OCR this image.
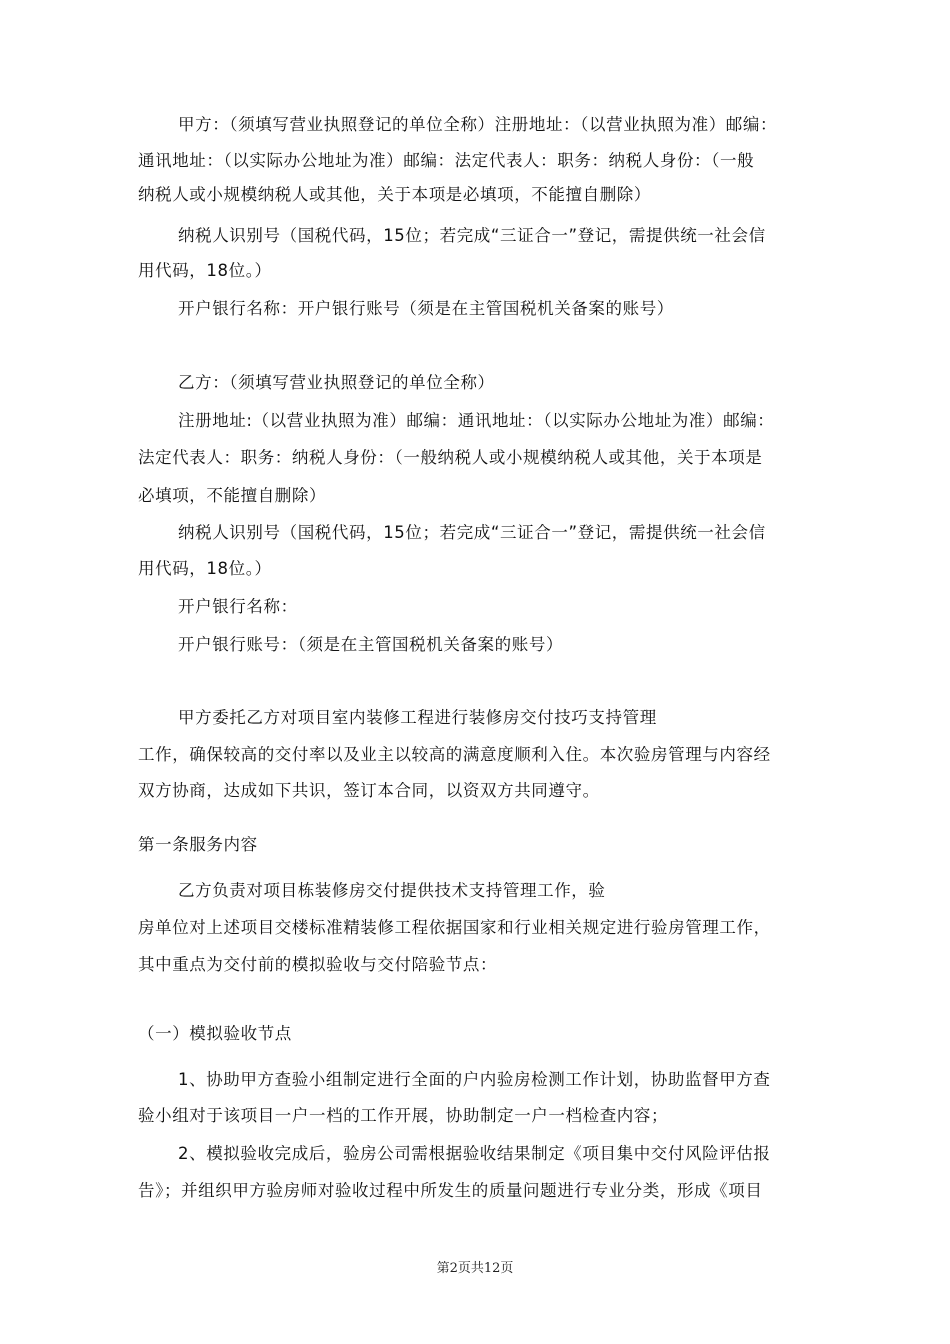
甲方：（须填写营业执照登记的单位全称）注册地址：（以营业执照为准）邮编：
通讯地址：（以实际办公地址为准）邮编：法定代表人：职务：纳税人身份：（一般
纳税人或小规模纳税人或其他，关于本项是必填项，不能擅自删除）
纳税人识别号（国税代码，15位；若完成“三证合一”登记，需提供统一社会信
用代码，18位。）
开户银行名称：开户银行账号（须是在主管国税机关备案的账号）
乙方：（须填写营业执照登记的单位全称）
注册地址:（以营业执照为准）邮编：通讯地址：（以实际办公地址为准）邮编：
法定代表人：职务：纳税人身份：（一般纳税人或小规模纳税人或其他，关于本项是
必填项，不能擅自删除）
纳税人识别号（国税代码，15位；若完成“三证合一”登记，需提供统一社会信
用代码，18位。）
开户银行名称：
开户银行账号：（须是在主管国税机关备案的账号）
甲方委托乙方对项目室内装修工程进行装修房交付技巧支持管理
工作，确保较高的交付率以及业主以较高的满意度顺利入住。本次验房管理与内容经
双方协商，达成如下共识，签订本合同，以资双方共同遵守。
第一条服务内容
乙方负责对项目栋装修房交付提供技术支持管理工作，验
房单位对上述项目交楼标准精装修工程依据国家和行业相关规定进行验房管理工作，
其中重点为交付前的模拟验收与交付陪验节点：
（一）模拟验收节点
1、协助甲方查验小组制定进行全面的户内验房检测工作计划，协助监督甲方查
验小组对于该项目一户一档的工作开展，协助制定一户一档检查内容；
2、模拟验收完成后，验房公司需根据验收结果制定《项目集中交付风险评估报
告》；并组织甲方验房师对验收过程中所发生的质量问题进行专业分类，形成《项目
第2页共12页
